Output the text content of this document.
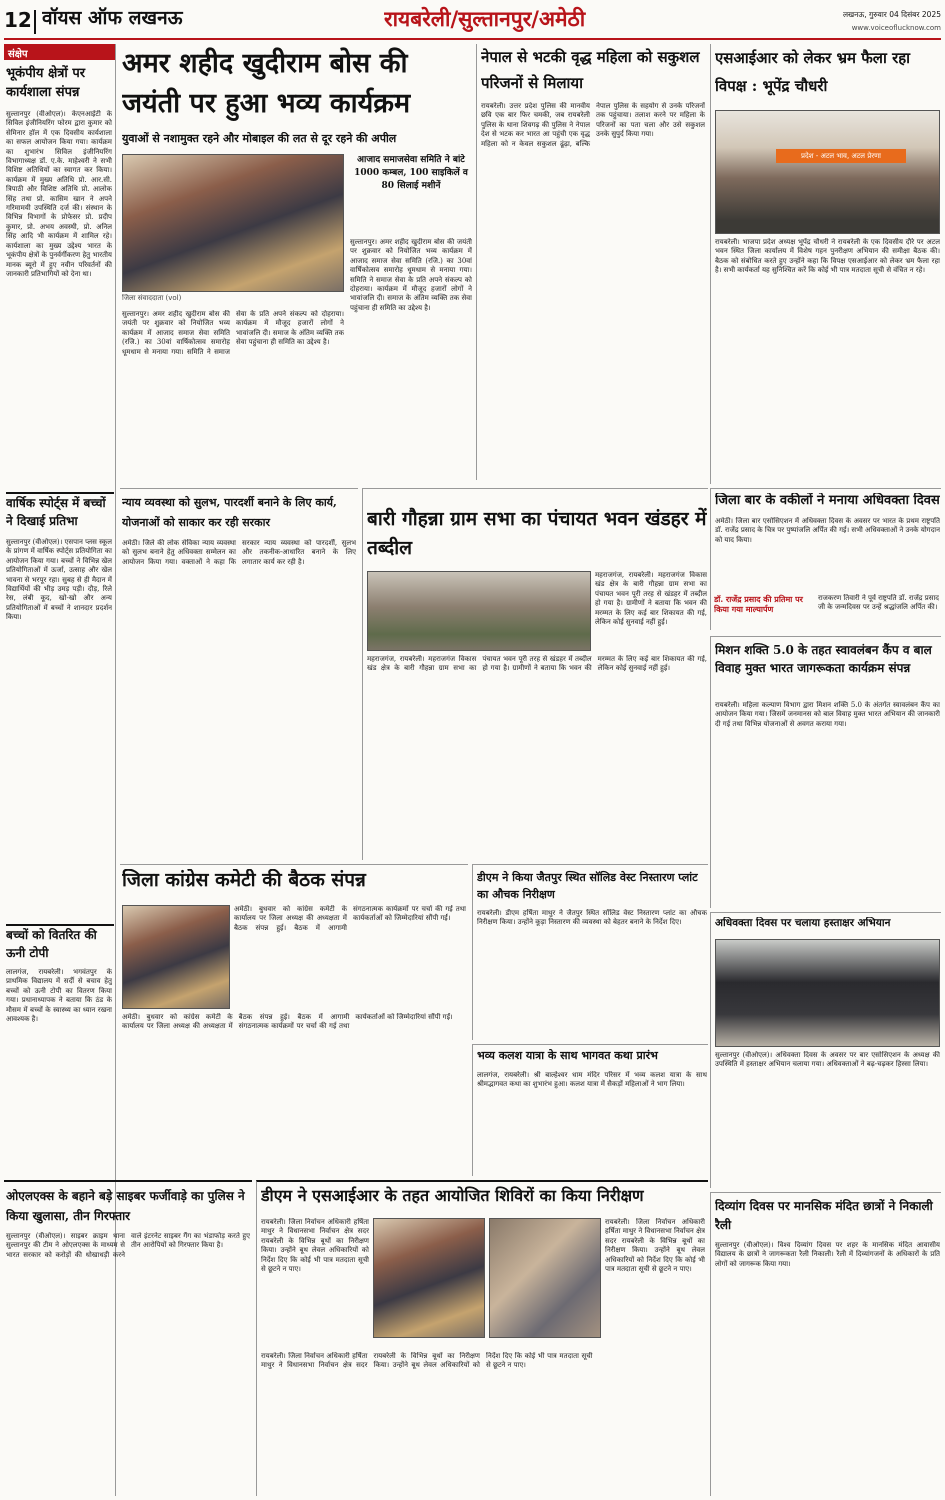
12 वॉयस ऑफ लखनऊ	रायबरेली/सुल्तानपुर/अमेठी	लखनऊ, गुरुवार 04 दिसंबर 2025
www.voiceoflucknow.com
संक्षेप
भूकंपीय क्षेत्रों पर कार्यशाला संपन्न
सुल्तानपुर (वीओएल)। केएनआईटी के सिविल इंजीनियरिंग फोरम द्वारा कुमार को सेमिनार हॉल में एक दिवसीय कार्यशाला का सफल आयोजन किया गया। कार्यक्रम का शुभारंभ सिविल इंजीनियरिंग विभागाध्यक्ष डॉ. ए.के. माहेश्वरी ने सभी विशिष्ट अतिथियों का स्वागत कर किया। कार्यक्रम में मुख्य अतिथि प्रो. आर.सी. त्रिपाठी और विशिष्ट अतिथि प्रो. आलोक सिंह तथा प्रो. कासिम खान ने अपने गरिमामयी उपस्थिति दर्ज की। संस्थान के विभिन्न विभागों के प्रोफेसर प्रो. प्रदीप कुमार, प्रो. अभय अवस्थी, प्रो. अनिल सिंह आदि भी कार्यक्रम में शामिल रहे। कार्यशाला का मुख्य उद्देश्य भारत के भूकंपीय क्षेत्रों के पुनर्वर्गीकरण हेतु भारतीय मानक ब्यूरो में हुए नवीन परिवर्तनों की जानकारी प्रतिभागियों को देना था।
वार्षिक स्पोर्ट्स में बच्चों ने दिखाई प्रतिभा
सुल्तानपुर (वीओएल)। एसपान प्लस स्कूल के प्रांगण में वार्षिक स्पोर्ट्स प्रतियोगिता का आयोजन किया गया। बच्चों ने विभिन्न खेल प्रतियोगिताओं में ऊर्जा, उत्साह और खेल भावना से भरपूर रहा। सुबह से ही मैदान में विद्यार्थियों की भीड़ उमड़ पड़ी। दौड़, रिले रेस, लंबी कूद, खो-खो और अन्य प्रतियोगिताओं में बच्चों ने शानदार प्रदर्शन किया।
बच्चों को वितरित की ऊनी टोपी
लालगंज, रायबरेली। भगवंतपुर के प्राथमिक विद्यालय में सर्दी से बचाव हेतु बच्चों को ऊनी टोपी का वितरण किया गया। प्रधानाध्यापक ने बताया कि ठंड के मौसम में बच्चों के स्वास्थ्य का ध्यान रखना आवश्यक है।
अमर शहीद खुदीराम बोस की जयंती पर हुआ भव्य कार्यक्रम
युवाओं से नशामुक्त रहने और मोबाइल की लत से दूर रहने की अपील
जिला संवाददाता (vol)
आजाद समाजसेवा समिति ने बांटे 1000 कम्बल, 100 साइकिलें व 80 सिलाई मशीनें
सुल्तानपुर। अमर शहीद खुदीराम बोस की जयंती पर शुक्रवार को नियोजित भव्य कार्यक्रम में आजाद समाज सेवा समिति (रजि.) का 30वां वार्षिकोत्सव समारोह धूमधाम से मनाया गया। समिति ने समाज सेवा के प्रति अपने संकल्प को दोहराया। कार्यक्रम में मौजूद हजारों लोगों ने भावांजलि दी। समाज के अंतिम व्यक्ति तक सेवा पहुंचाना ही समिति का उद्देश्य है।
सुल्तानपुर। अमर शहीद खुदीराम बोस की जयंती पर शुक्रवार को नियोजित भव्य कार्यक्रम में आजाद समाज सेवा समिति (रजि.) का 30वां वार्षिकोत्सव समारोह धूमधाम से मनाया गया। समिति ने समाज सेवा के प्रति अपने संकल्प को दोहराया। कार्यक्रम में मौजूद हजारों लोगों ने भावांजलि दी। समाज के अंतिम व्यक्ति तक सेवा पहुंचाना ही समिति का उद्देश्य है।
नेपाल से भटकी वृद्ध महिला को सकुशल परिजनों से मिलाया
रायबरेली। उत्तर प्रदेश पुलिस की मानवीय छवि एक बार फिर चमकी, जब रायबरेली पुलिस के थाना शिवगढ़ की पुलिस ने नेपाल देश से भटक कर भारत आ पहुंची एक वृद्ध महिला को न केवल सकुशल ढूंढ़ा, बल्कि नेपाल पुलिस के सहयोग से उनके परिजनों तक पहुंचाया। तलाश करने पर महिला के परिजनों का पता चला और उसे सकुशल उनके सुपुर्द किया गया।
एसआईआर को लेकर भ्रम फैला रहा विपक्ष : भूपेंद्र चौधरी
प्रदेश - अटल भाव, अटल प्रेरणा
रायबरेली। भाजपा प्रदेश अध्यक्ष भूपेंद्र चौधरी ने रायबरेली के एक दिवसीय दौरे पर अटल भवन स्थित जिला कार्यालय में विशेष गहन पुनरीक्षण अभियान की समीक्षा बैठक की। बैठक को संबोधित करते हुए उन्होंने कहा कि विपक्ष एसआईआर को लेकर भ्रम फैला रहा है। सभी कार्यकर्ता यह सुनिश्चित करें कि कोई भी पात्र मतदाता सूची से वंचित न रहे।
न्याय व्यवस्था को सुलभ, पारदर्शी बनाने के लिए कार्य, योजनाओं को साकार कर रही सरकार
अमेठी। जिले की लोक सेविका न्याय व्यवस्था को सुलभ बनाने हेतु अधिवक्ता सम्मेलन का आयोजन किया गया। वक्ताओं ने कहा कि सरकार न्याय व्यवस्था को पारदर्शी, सुलभ और तकनीक-आधारित बनाने के लिए लगातार कार्य कर रही है।
बारी गौहन्ना ग्राम सभा का पंचायत भवन खंडहर में तब्दील
महराजगंज, रायबरेली। महराजगंज विकास खंड क्षेत्र के बारी गौहन्ना ग्राम सभा का पंचायत भवन पूरी तरह से खंडहर में तब्दील हो गया है। ग्रामीणों ने बताया कि भवन की मरम्मत के लिए कई बार शिकायत की गई, लेकिन कोई सुनवाई नहीं हुई।
महराजगंज, रायबरेली। महराजगंज विकास खंड क्षेत्र के बारी गौहन्ना ग्राम सभा का पंचायत भवन पूरी तरह से खंडहर में तब्दील हो गया है। ग्रामीणों ने बताया कि भवन की मरम्मत के लिए कई बार शिकायत की गई, लेकिन कोई सुनवाई नहीं हुई।
जिला बार के वकीलों ने मनाया अधिवक्ता दिवस
अमेठी। जिला बार एसोसिएशन में अधिवक्ता दिवस के अवसर पर भारत के प्रथम राष्ट्रपति डॉ. राजेंद्र प्रसाद के चित्र पर पुष्पांजलि अर्पित की गई। सभी अधिवक्ताओं ने उनके योगदान को याद किया।
डॉ. राजेंद्र प्रसाद की प्रतिमा पर किया गया माल्यार्पण
राजकरण तिवारी ने पूर्व राष्ट्रपति डॉ. राजेंद्र प्रसाद जी के जन्मदिवस पर उन्हें श्रद्धांजलि अर्पित की।
मिशन शक्ति 5.0 के तहत स्वावलंबन कैंप व बाल विवाह मुक्त भारत जागरूकता कार्यक्रम संपन्न
रायबरेली। महिला कल्याण विभाग द्वारा मिशन शक्ति 5.0 के अंतर्गत स्वावलंबन कैंप का आयोजन किया गया। जिसमें जनमानस को बाल विवाह मुक्त भारत अभियान की जानकारी दी गई तथा विभिन्न योजनाओं से अवगत कराया गया।
अधिवक्ता दिवस पर चलाया हस्ताक्षर अभियान
सुल्तानपुर (वीओएल)। अधिवक्ता दिवस के अवसर पर बार एसोसिएशन के अध्यक्ष की उपस्थिति में हस्ताक्षर अभियान चलाया गया। अधिवक्ताओं ने बढ़-चढ़कर हिस्सा लिया।
दिव्यांग दिवस पर मानसिक मंदित छात्रों ने निकाली रैली
सुल्तानपुर (वीओएल)। विश्व दिव्यांग दिवस पर शहर के मानसिक मंदित आवासीय विद्यालय के छात्रों ने जागरूकता रैली निकाली। रैली में दिव्यांगजनों के अधिकारों के प्रति लोगों को जागरूक किया गया।
जिला कांग्रेस कमेटी की बैठक संपन्न
अमेठी। बुधवार को कांग्रेस कमेटी के कार्यालय पर जिला अध्यक्ष की अध्यक्षता में बैठक संपन्न हुई। बैठक में आगामी संगठनात्मक कार्यक्रमों पर चर्चा की गई तथा कार्यकर्ताओं को जिम्मेदारियां सौंपी गईं।
अमेठी। बुधवार को कांग्रेस कमेटी के कार्यालय पर जिला अध्यक्ष की अध्यक्षता में बैठक संपन्न हुई। बैठक में आगामी संगठनात्मक कार्यक्रमों पर चर्चा की गई तथा कार्यकर्ताओं को जिम्मेदारियां सौंपी गईं।
डीएम ने किया जैतपुर स्थित सॉलिड वेस्ट निस्तारण प्लांट का औचक निरीक्षण
रायबरेली। डीएम हर्षिता माथुर ने जैतपुर स्थित सॉलिड वेस्ट निस्तारण प्लांट का औचक निरीक्षण किया। उन्होंने कूड़ा निस्तारण की व्यवस्था को बेहतर बनाने के निर्देश दिए।
भव्य कलश यात्रा के साथ भागवत कथा प्रारंभ
लालगंज, रायबरेली। श्री बाल्हेश्वर धाम मंदिर परिसर में भव्य कलश यात्रा के साथ श्रीमद्भागवत कथा का शुभारंभ हुआ। कलश यात्रा में सैकड़ों महिलाओं ने भाग लिया।
ओएलएक्स के बहाने बड़े साइबर फर्जीवाड़े का पुलिस ने किया खुलासा, तीन गिरफ्तार
सुल्तानपुर (वीओएल)। साइबर क्राइम थाना सुल्तानपुर की टीम ने ओएलएक्स के माध्यम से भारत सरकार को करोड़ों की धोखाधड़ी करने वाले इंटरनेट साइबर गैंग का भंडाफोड़ करते हुए तीन आरोपियों को गिरफ्तार किया है।
डीएम ने एसआईआर के तहत आयोजित शिविरों का किया निरीक्षण
रायबरेली। जिला निर्वाचन अधिकारी हर्षिता माथुर ने विधानसभा निर्वाचन क्षेत्र सदर रायबरेली के विभिन्न बूथों का निरीक्षण किया। उन्होंने बूथ लेवल अधिकारियों को निर्देश दिए कि कोई भी पात्र मतदाता सूची से छूटने न पाए।
रायबरेली। जिला निर्वाचन अधिकारी हर्षिता माथुर ने विधानसभा निर्वाचन क्षेत्र सदर रायबरेली के विभिन्न बूथों का निरीक्षण किया। उन्होंने बूथ लेवल अधिकारियों को निर्देश दिए कि कोई भी पात्र मतदाता सूची से छूटने न पाए।
रायबरेली। जिला निर्वाचन अधिकारी हर्षिता माथुर ने विधानसभा निर्वाचन क्षेत्र सदर रायबरेली के विभिन्न बूथों का निरीक्षण किया। उन्होंने बूथ लेवल अधिकारियों को निर्देश दिए कि कोई भी पात्र मतदाता सूची से छूटने न पाए।
